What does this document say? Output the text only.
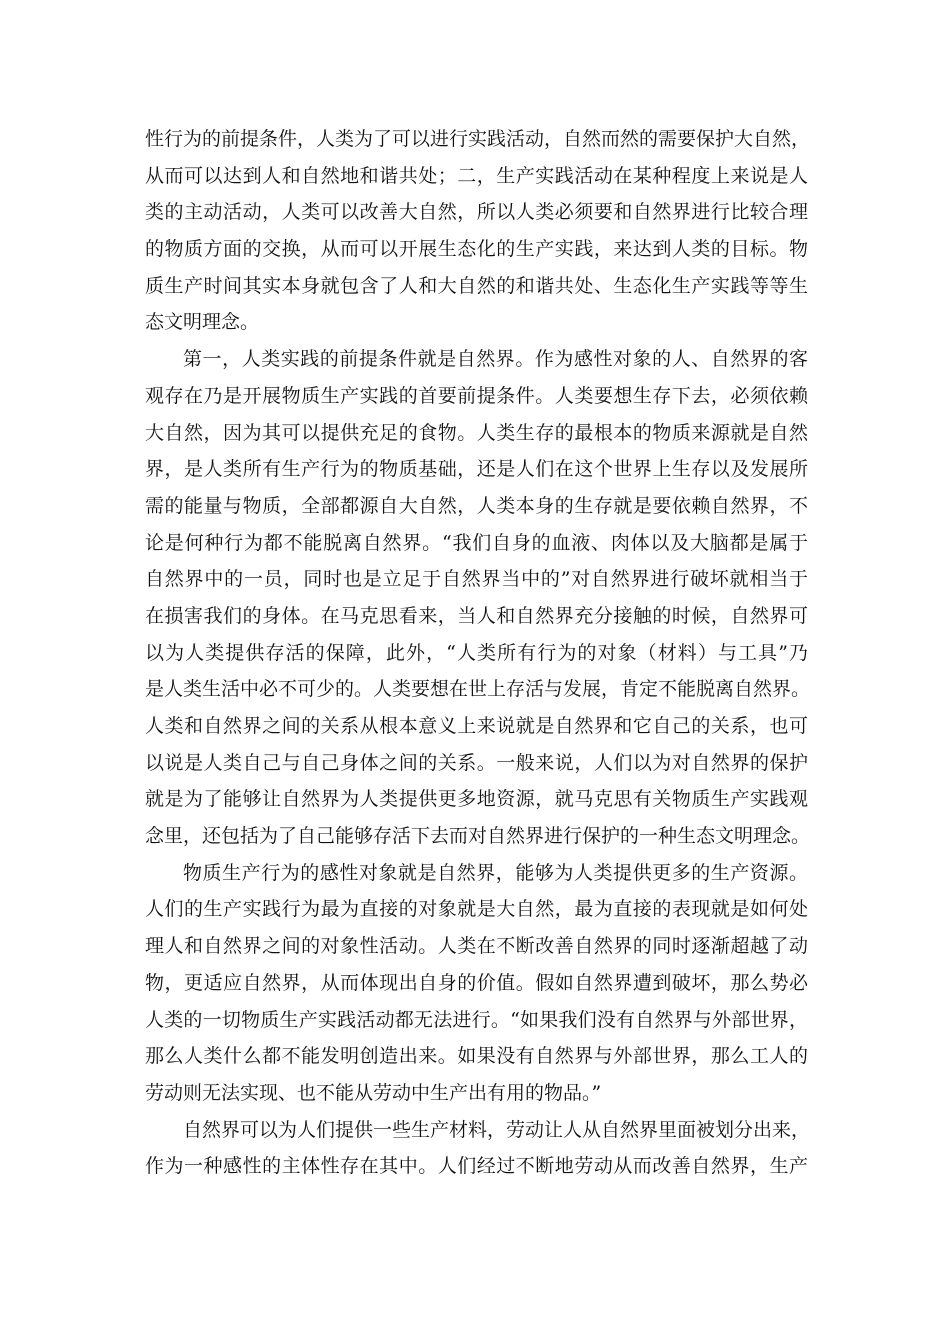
性行为的前提条件，人类为了可以进行实践活动，自然而然的需要保护大自然，
从而可以达到人和自然地和谐共处；二，生产实践活动在某种程度上来说是人
类的主动活动，人类可以改善大自然，所以人类必须要和自然界进行比较合理
的物质方面的交换，从而可以开展生态化的生产实践，来达到人类的目标。物
质生产时间其实本身就包含了人和大自然的和谐共处、生态化生产实践等等生
态文明理念。
第一，人类实践的前提条件就是自然界。作为感性对象的人、自然界的客
观存在乃是开展物质生产实践的首要前提条件。人类要想生存下去，必须依赖
大自然，因为其可以提供充足的食物。人类生存的最根本的物质来源就是自然
界，是人类所有生产行为的物质基础，还是人们在这个世界上生存以及发展所
需的能量与物质，全部都源自大自然，人类本身的生存就是要依赖自然界，不
论是何种行为都不能脱离自然界。“我们自身的血液、肉体以及大脑都是属于
自然界中的一员，同时也是立足于自然界当中的”对自然界进行破坏就相当于
在损害我们的身体。在马克思看来，当人和自然界充分接触的时候，自然界可
以为人类提供存活的保障，此外，“人类所有行为的对象（材料）与工具”乃
是人类生活中必不可少的。人类要想在世上存活与发展，肯定不能脱离自然界。
人类和自然界之间的关系从根本意义上来说就是自然界和它自己的关系，也可
以说是人类自己与自己身体之间的关系。一般来说，人们以为对自然界的保护
就是为了能够让自然界为人类提供更多地资源，就马克思有关物质生产实践观
念里，还包括为了自己能够存活下去而对自然界进行保护的一种生态文明理念。
物质生产行为的感性对象就是自然界，能够为人类提供更多的生产资源。
人们的生产实践行为最为直接的对象就是大自然，最为直接的表现就是如何处
理人和自然界之间的对象性活动。人类在不断改善自然界的同时逐渐超越了动
物，更适应自然界，从而体现出自身的价值。假如自然界遭到破坏，那么势必
人类的一切物质生产实践活动都无法进行。“如果我们没有自然界与外部世界，
那么人类什么都不能发明创造出来。如果没有自然界与外部世界，那么工人的
劳动则无法实现、也不能从劳动中生产出有用的物品。”
自然界可以为人们提供一些生产材料，劳动让人从自然界里面被划分出来，
作为一种感性的主体性存在其中。人们经过不断地劳动从而改善自然界，生产
